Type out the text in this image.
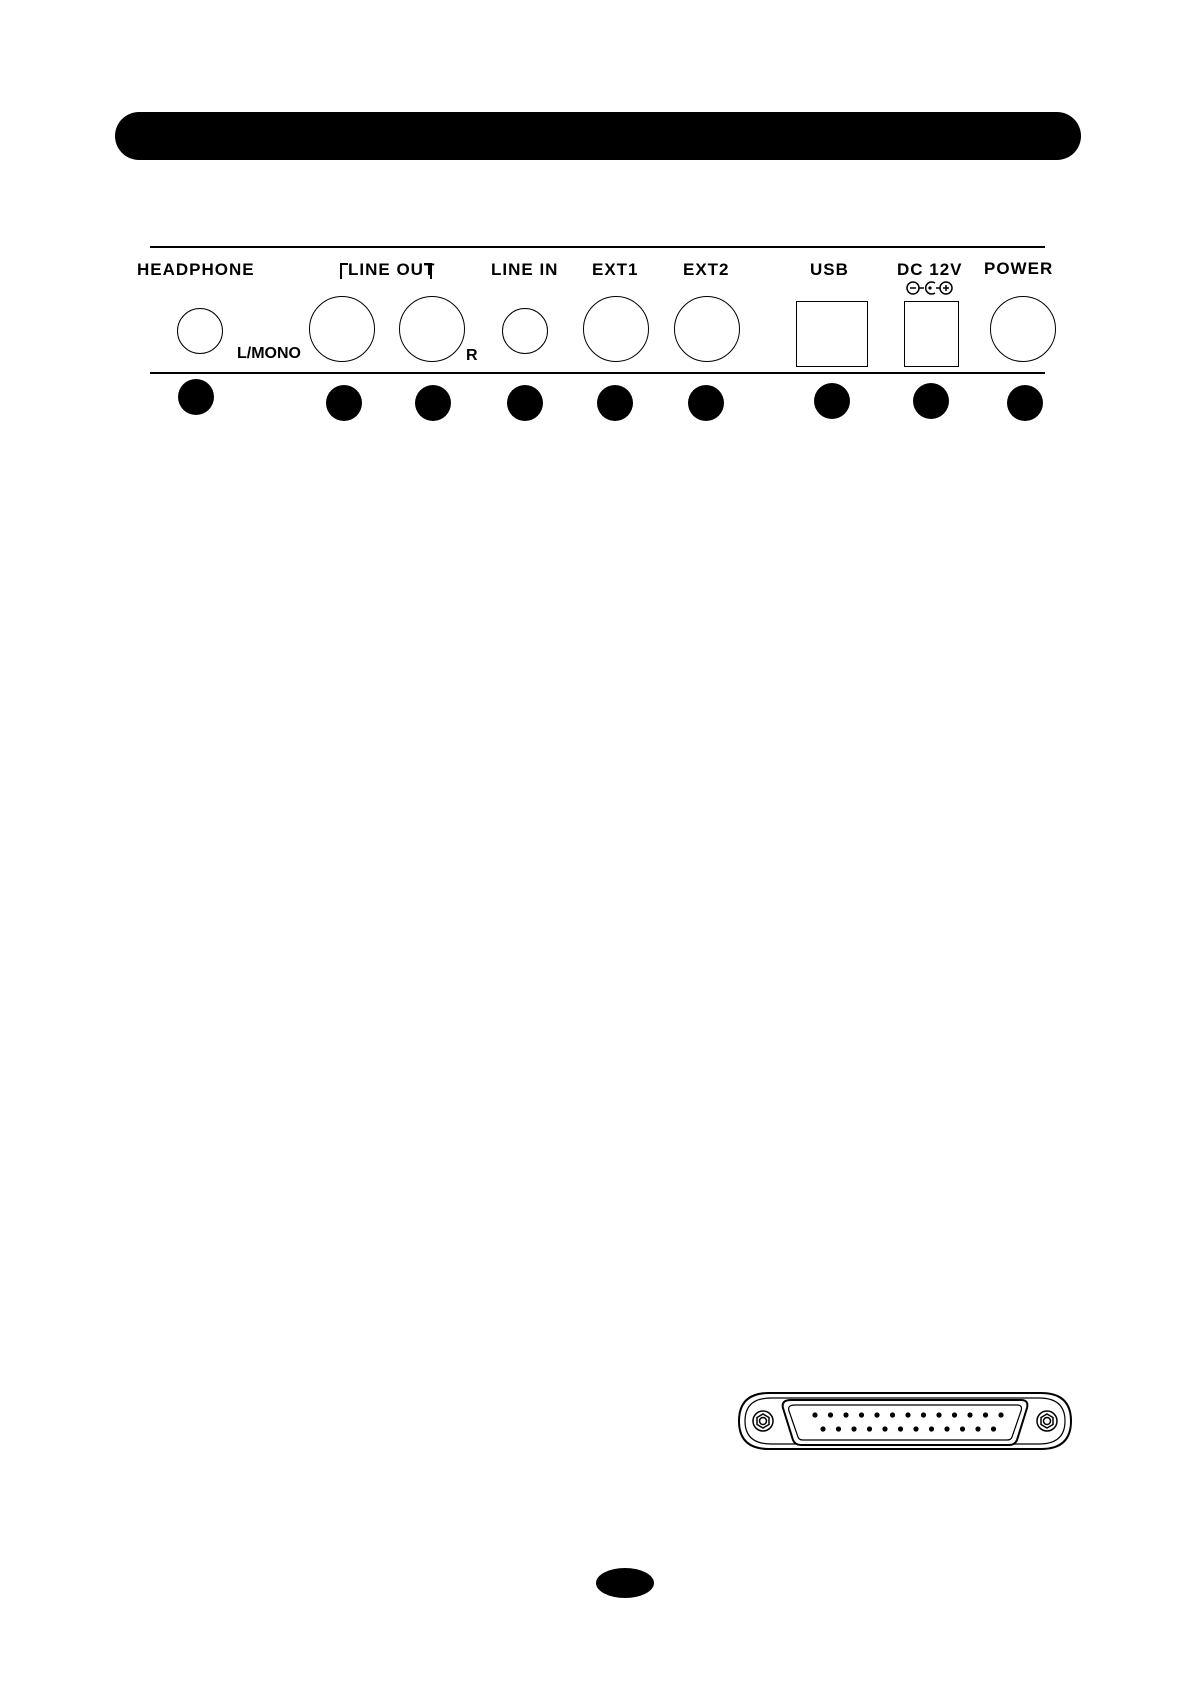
HEADPHONE	LINE OUT	LINE IN EXT1	EXT2	USB	DC 12V POWER
L/MONO	R
